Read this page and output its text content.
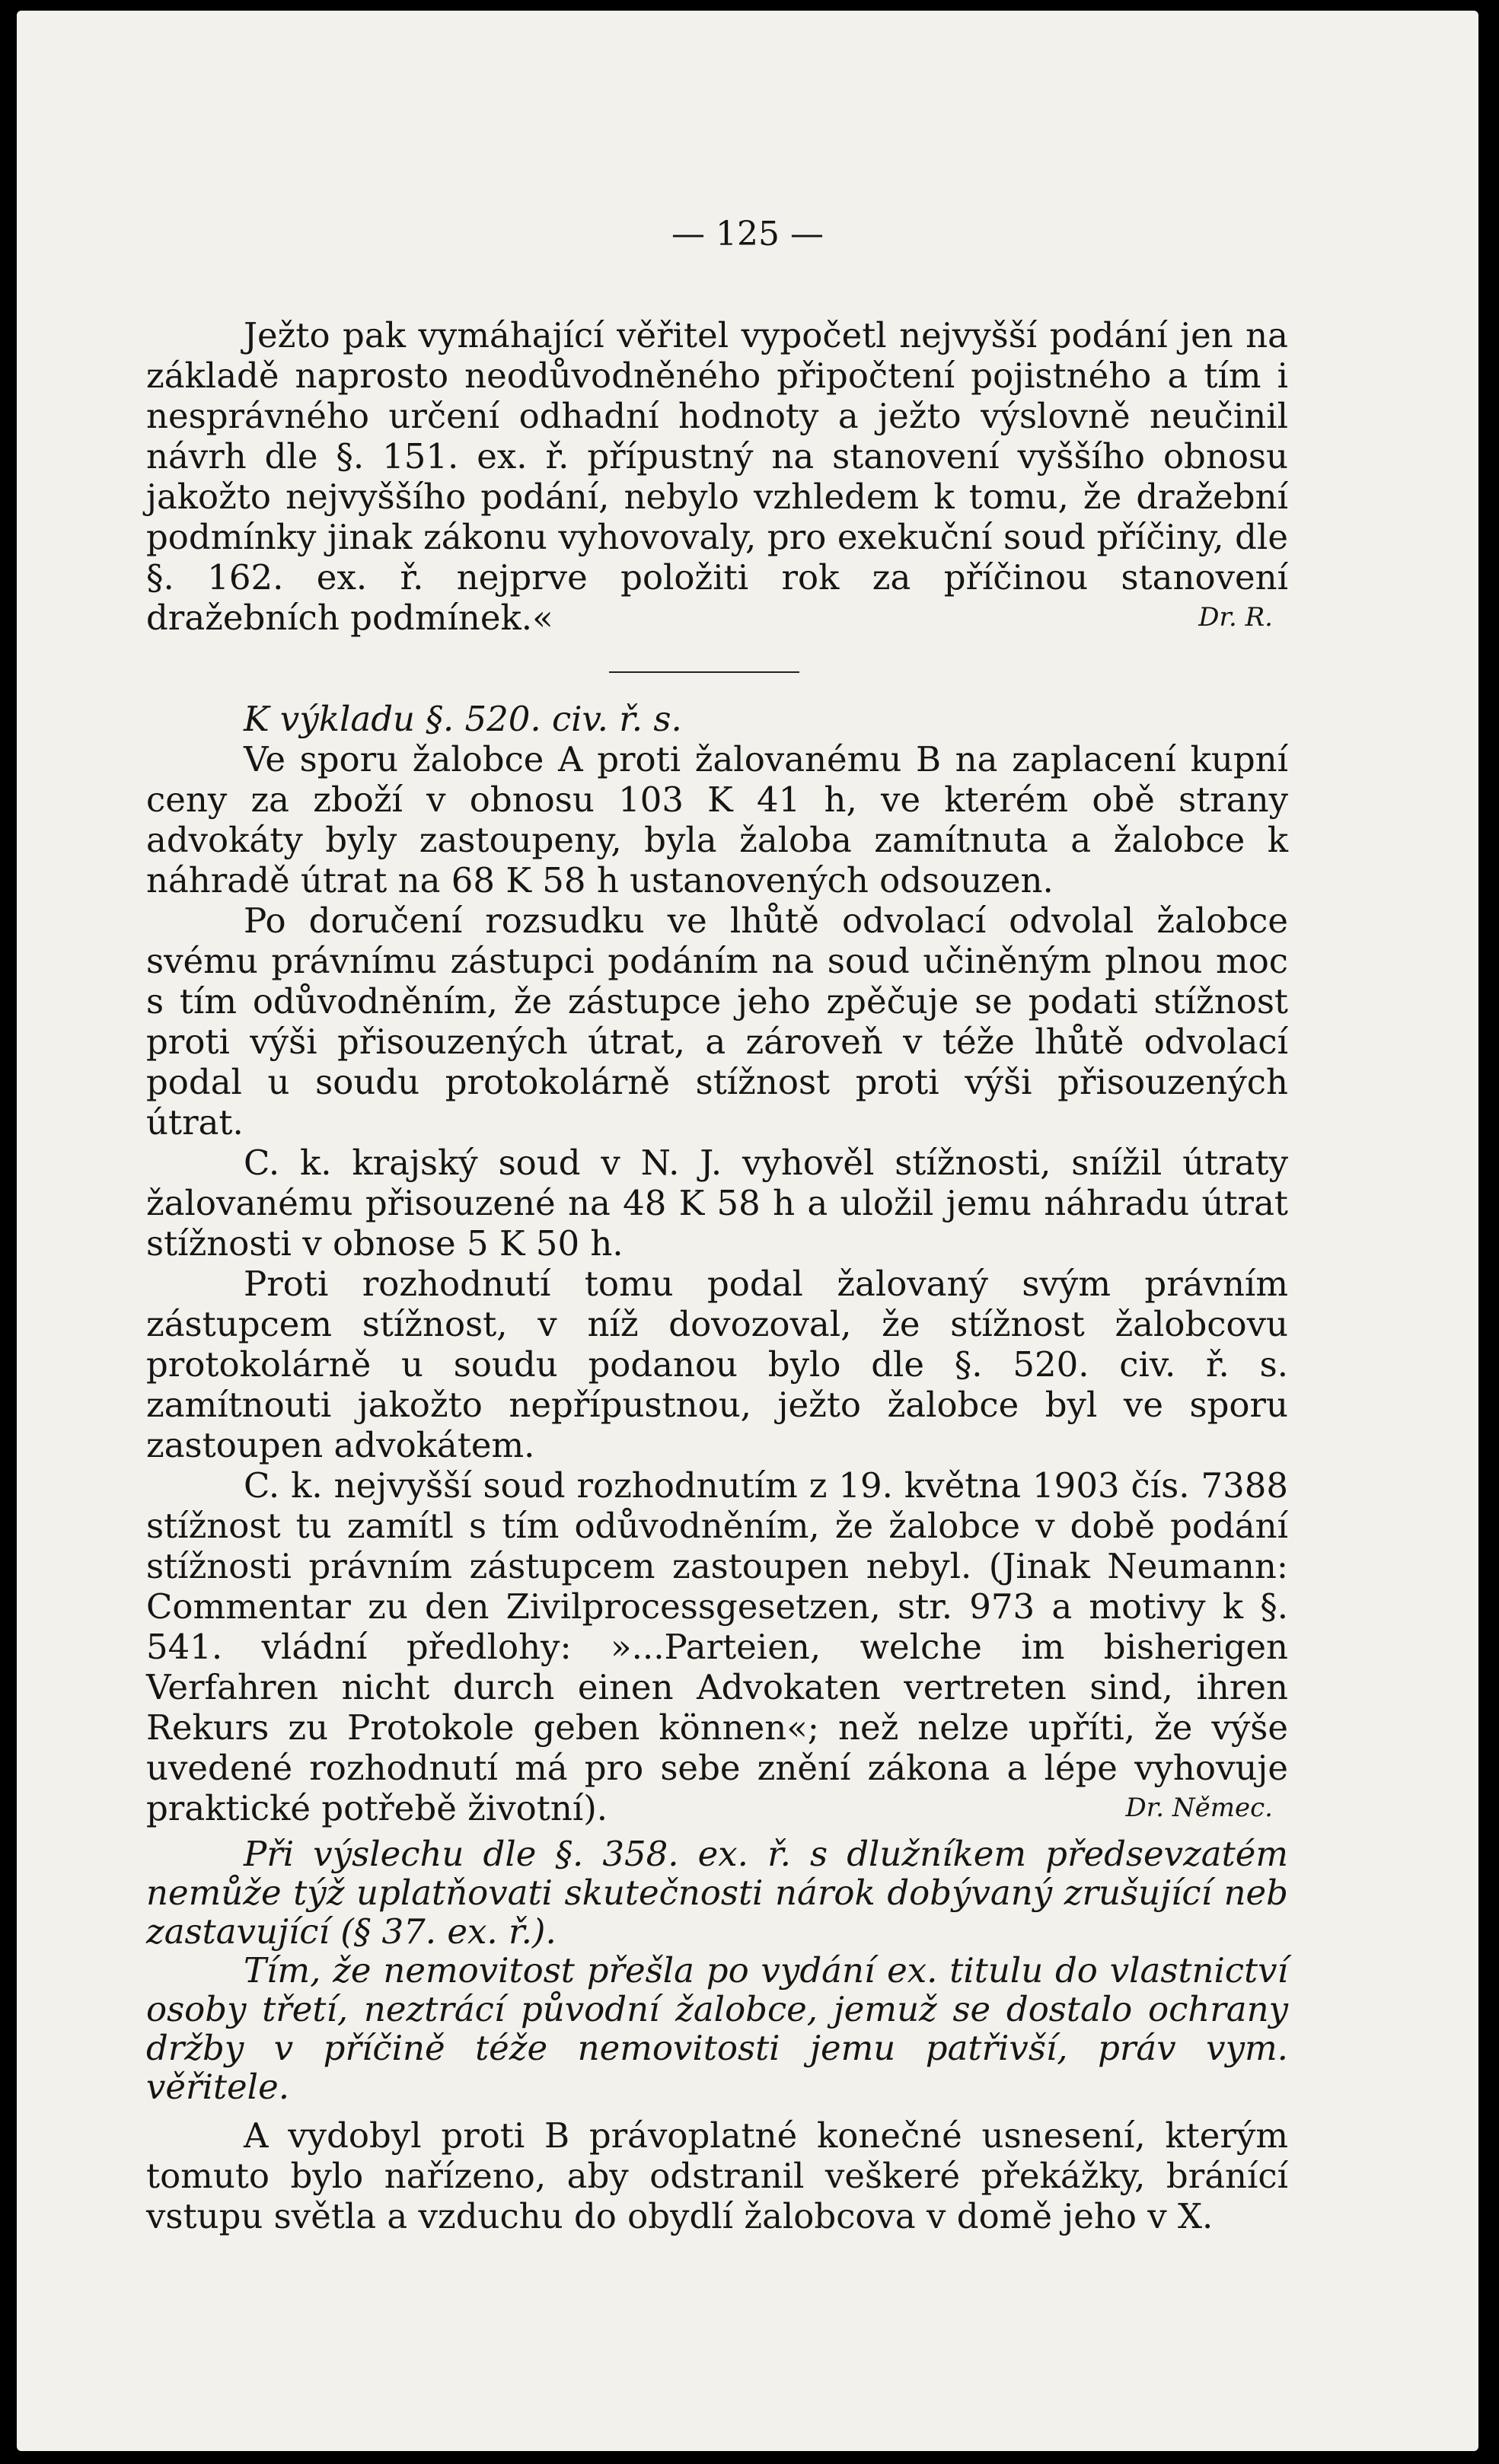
— 125 —

Ježto pak vymáhající věřitel vypočetl nejvyšší podání jen na základě naprosto neodůvodněného připočtení pojistného a tím i nesprávného určení odhadní hodnoty a ježto výslovně neučinil návrh dle §. 151. ex. ř. přípustný na stanovení vyššího obnosu jakožto nejvyššího podání, nebylo vzhledem k tomu, že dražební podmínky jinak zákonu vyhovovaly, pro exekuční soud příčiny, dle §. 162. ex. ř. nejprve položiti rok za příčinou stanovení dražebních podmínek.«	Dr. R.

K výkladu §. 520. civ. ř. s.

Ve sporu žalobce A proti žalovanému B na zaplacení kupní ceny za zboží v obnosu 103 K 41 h, ve kterém obě strany advokáty byly zastoupeny, byla žaloba zamítnuta a žalobce k náhradě útrat na 68 K 58 h ustanovených odsouzen.

Po doručení rozsudku ve lhůtě odvolací odvolal žalobce svému právnímu zástupci podáním na soud učiněným plnou moc s tím odůvodněním, že zástupce jeho zpěčuje se podati stížnost proti výši přisouzených útrat, a zároveň v téže lhůtě odvolací podal u soudu protokolárně stížnost proti výši přisouzených útrat.

C. k. krajský soud v N. J. vyhověl stížnosti, snížil útraty žalovanému přisouzené na 48 K 58 h a uložil jemu náhradu útrat stížnosti v obnose 5 K 50 h.

Proti rozhodnutí tomu podal žalovaný svým právním zástupcem stížnost, v níž dovozoval, že stížnost žalobcovu protokolárně u soudu podanou bylo dle §. 520. civ. ř. s. zamítnouti jakožto nepřípustnou, ježto žalobce byl ve sporu zastoupen advokátem.

C. k. nejvyšší soud rozhodnutím z 19. května 1903 čís. 7388 stížnost tu zamítl s tím odůvodněním, že žalobce v době podání stížnosti právním zástupcem zastoupen nebyl. (Jinak Neumann: Commentar zu den Zivilprocessgesetzen, str. 973 a motivy k §. 541. vládní předlohy: »...Parteien, welche im bisherigen Verfahren nicht durch einen Advokaten vertreten sind, ihren Rekurs zu Protokole geben können«; než nelze upříti, že výše uvedené rozhodnutí má pro sebe znění zákona a lépe vyhovuje praktické potřebě životní).	Dr. Němec.

Při výslechu dle §. 358. ex. ř. s dlužníkem předsevzatém nemůže týž uplatňovati skutečnosti nárok dobývaný zrušující neb zastavující (§ 37. ex. ř.).

Tím, že nemovitost přešla po vydání ex. titulu do vlastnictví osoby třetí, neztrácí původní žalobce, jemuž se dostalo ochrany držby v příčině téže nemovitosti jemu patřivší, práv vym. věřitele.

A vydobyl proti B právoplatné konečné usnesení, kterým tomuto bylo nařízeno, aby odstranil veškeré překážky, bránící vstupu světla a vzduchu do obydlí žalobcova v domě jeho v X.
